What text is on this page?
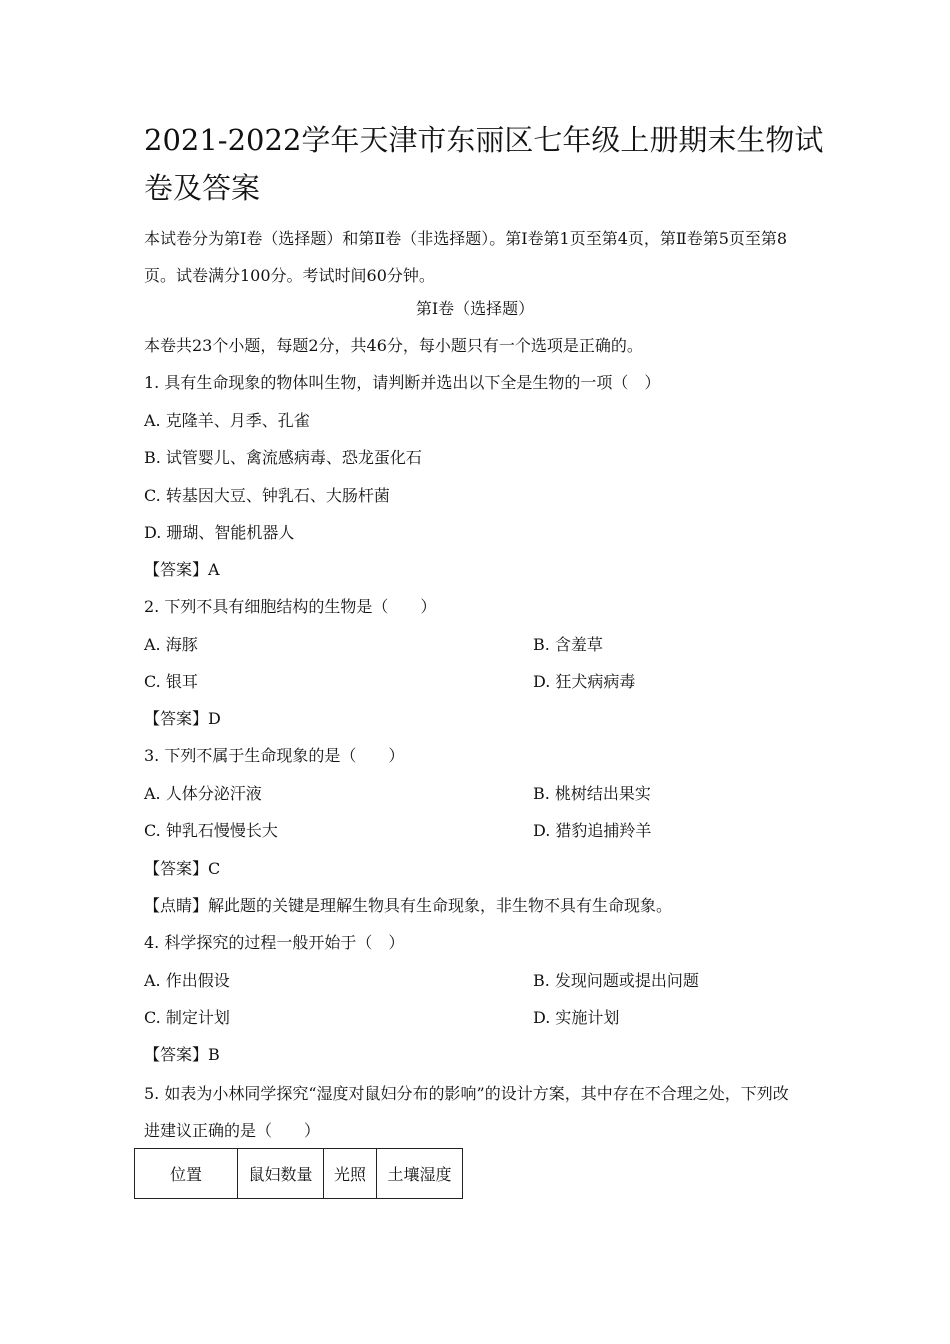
2021-2022学年天津市东丽区七年级上册期末生物试卷及答案
本试卷分为第Ⅰ卷（选择题）和第Ⅱ卷（非选择题）。第Ⅰ卷第1页至第4页，第Ⅱ卷第5页至第8页。试卷满分100分。考试时间60分钟。
第Ⅰ卷（选择题）
本卷共23个小题，每题2分，共46分，每小题只有一个选项是正确的。
1. 具有生命现象的物体叫生物，请判断并选出以下全是生物的一项（　）
A. 克隆羊、月季、孔雀
B. 试管婴儿、禽流感病毒、恐龙蛋化石
C. 转基因大豆、钟乳石、大肠杆菌
D. 珊瑚、智能机器人
【答案】A
2. 下列不具有细胞结构的生物是（　　）
A. 海豚	B. 含羞草
C. 银耳	D. 狂犬病病毒
【答案】D
3. 下列不属于生命现象的是（　　）
A. 人体分泌汗液	B. 桃树结出果实
C. 钟乳石慢慢长大	D. 猎豹追捕羚羊
【答案】C
【点睛】解此题的关键是理解生物具有生命现象，非生物不具有生命现象。
4. 科学探究的过程一般开始于（　）
A. 作出假设	B. 发现问题或提出问题
C. 制定计划	D. 实施计划
【答案】B
5. 如表为小林同学探究“湿度对鼠妇分布的影响”的设计方案，其中存在不合理之处，下列改进建议正确的是（　　）
位置	鼠妇数量	光照	土壤湿度
